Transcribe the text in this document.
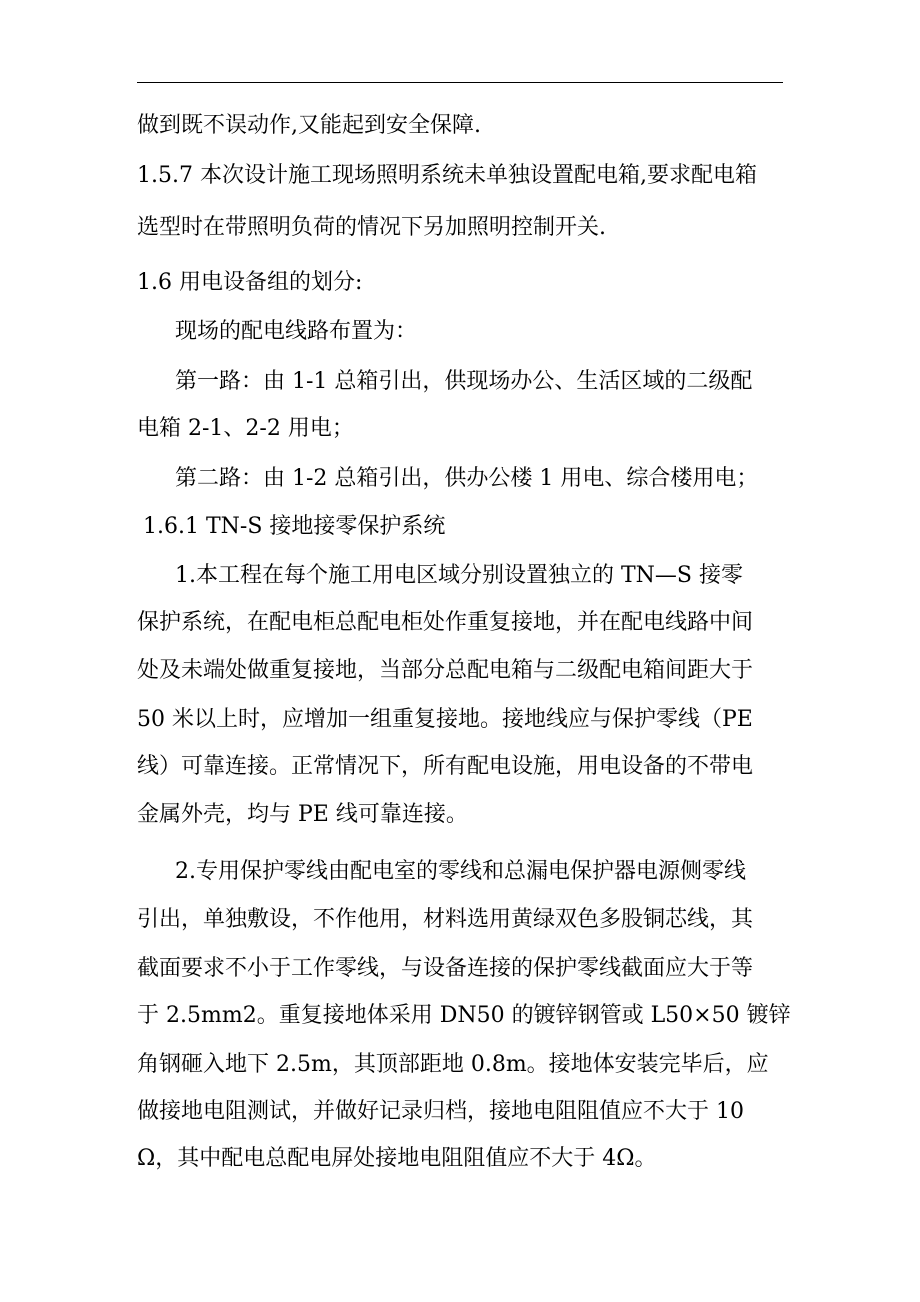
做到既不误动作,又能起到安全保障.
1.5.7 本次设计施工现场照明系统未单独设置配电箱,要求配电箱
选型时在带照明负荷的情况下另加照明控制开关.
1.6 用电设备组的划分:
现场的配电线路布置为：
第一路：由 1-1 总箱引出，供现场办公、生活区域的二级配
电箱 2-1、2-2 用电；
第二路：由 1-2 总箱引出，供办公楼 1 用电、综合楼用电；
1.6.1 TN-S 接地接零保护系统
1.本工程在每个施工用电区域分别设置独立的 TN—S 接零
保护系统，在配电柜总配电柜处作重复接地，并在配电线路中间
处及未端处做重复接地，当部分总配电箱与二级配电箱间距大于
50 米以上时，应增加一组重复接地。接地线应与保护零线（PE
线）可靠连接。正常情况下，所有配电设施，用电设备的不带电
金属外壳，均与 PE 线可靠连接。
2.专用保护零线由配电室的零线和总漏电保护器电源侧零线
引出，单独敷设，不作他用，材料选用黄绿双色多股铜芯线，其
截面要求不小于工作零线，与设备连接的保护零线截面应大于等
于 2.5mm2。重复接地体采用 DN50 的镀锌钢管或 L50×50 镀锌
角钢砸入地下 2.5m，其顶部距地 0.8m。接地体安装完毕后，应
做接地电阻测试，并做好记录归档，接地电阻阻值应不大于 10
Ω，其中配电总配电屏处接地电阻阻值应不大于 4Ω。
